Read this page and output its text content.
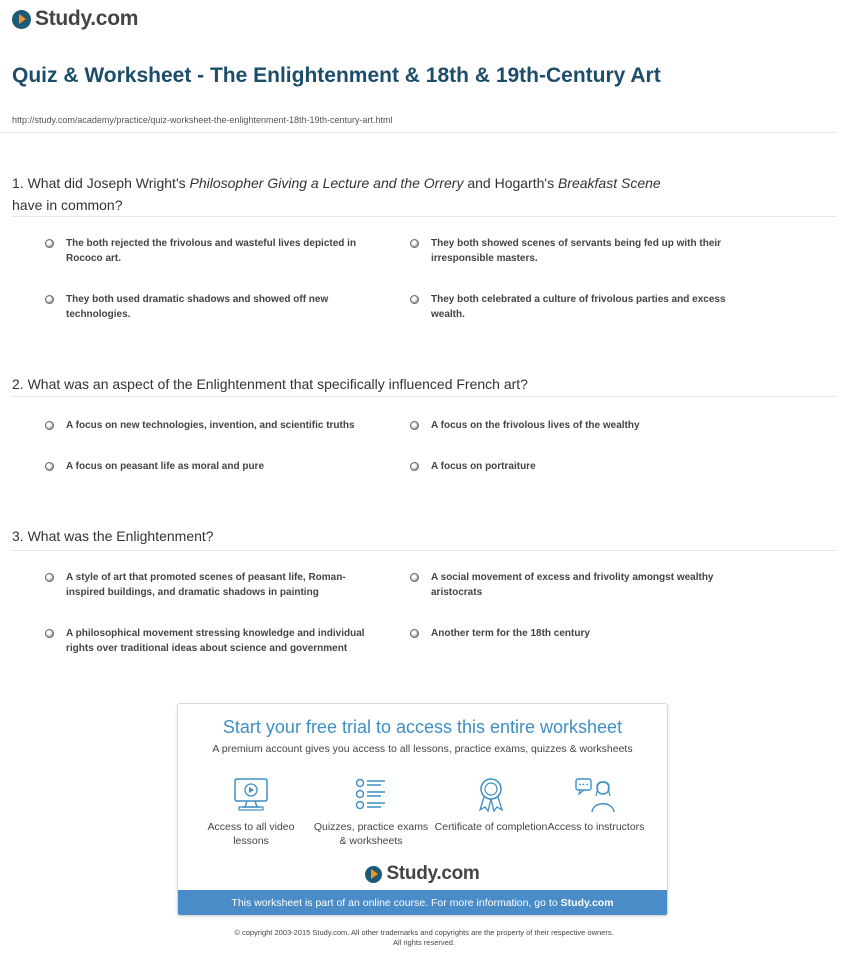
Study.com
Quiz & Worksheet - The Enlightenment & 18th & 19th-Century Art
http://study.com/academy/practice/quiz-worksheet-the-enlightenment-18th-19th-century-art.html
1. What did Joseph Wright's Philosopher Giving a Lecture and the Orrery and Hogarth's Breakfast Scene have in common?
The both rejected the frivolous and wasteful lives depicted in Rococo art.
They both showed scenes of servants being fed up with their irresponsible masters.
They both used dramatic shadows and showed off new technologies.
They both celebrated a culture of frivolous parties and excess wealth.
2. What was an aspect of the Enlightenment that specifically influenced French art?
A focus on new technologies, invention, and scientific truths	A focus on the frivolous lives of the wealthy
A focus on peasant life as moral and pure	A focus on portraiture
3. What was the Enlightenment?
A style of art that promoted scenes of peasant life, Roman-inspired buildings, and dramatic shadows in painting
A social movement of excess and frivolity amongst wealthy aristocrats
A philosophical movement stressing knowledge and individual rights over traditional ideas about science and government
Another term for the 18th century
Start your free trial to access this entire worksheet
A premium account gives you access to all lessons, practice exams, quizzes & worksheets
Access to all video lessons
Quizzes, practice exams & worksheets
Certificate of completion Access to instructors
Study.com
This worksheet is part of an online course. For more information, go to Study.com
© copyright 2003-2015 Study.com. All other trademarks and copyrights are the property of their respective owners.
All rights reserved.
